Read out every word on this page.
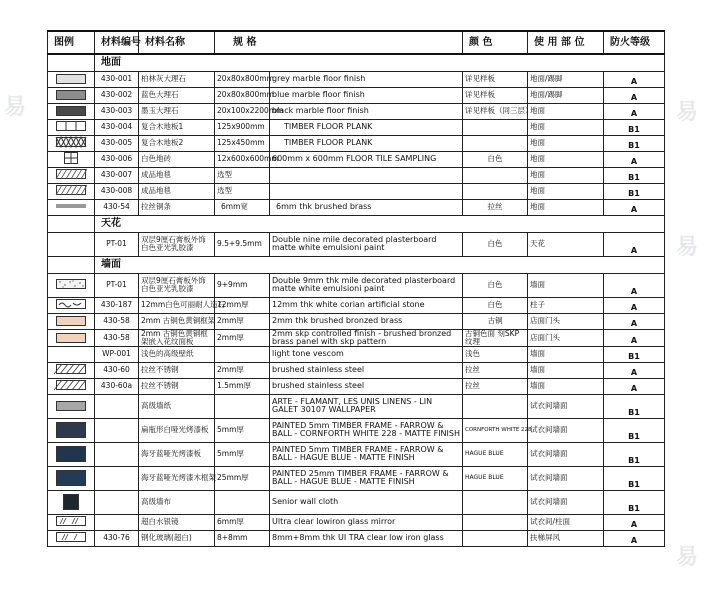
图例	材料编号	材料名称	规 格		颜 色	使 用 部 位	防火等级
	地面						
	430-001	柏林灰大理石	20x80x800mm	grey marble floor finish	详见样板	地面/踢脚	A
	430-002	蓝色大理石	20x80x800mm	blue marble floor finish	详见样板	地面/踢脚	A
	430-003	墨玉大理石	20x100x2200mm	black marble floor finish	详见样板（同三层）	地面	A
	430-004	复合木地板1	125x900mm	TIMBER FLOOR PLANK		地面	B1
	430-005	复合木地板2	125x450mm	TIMBER FLOOR PLANK		地面	B1
	430-006	白色地砖	12x600x600mm	600mm x 600mm FLOOR TILE SAMPLING	白色	地面	A
	430-007	成品地毯	选型			地面	B1
	430-008	成品地毯	选型			地面	B1
	430-54	拉丝铜条	6mm宽	6mm thk brushed brass	拉丝	地面	A
	天花						
	PT-01	双层9厘石膏板外饰白色亚光乳胶漆	9.5+9.5mm	Double nine mile decorated plasterboard matte white emulsioni paint	白色	天花	A
	墙面						
	PT-01	双层9厘石膏板外饰白色亚光乳胶漆	9+9mm	Double 9mm thk mile decorated plasterboard matte white emulsioni paint	白色	墙面	A
	430-187	12mm白色可丽耐人造石	12mm厚	12mm thk white corian artificial stone	白色	柱子	A
	430-58	2mm 古铜色黄铜框架	2mm厚	2mm thk brushed bronzed brass	古铜	店面门头	A
	430-58	2mm 古铜色黄铜框架嵌入花纹面板	2mm厚	2mm skp controlled finish - brushed bronzed brass panel with skp pattern	古铜色面 刻SKP纹理	店面门头	A
	WP-001	浅色的高级壁纸		light tone vescom	浅色	墙面	B1
	430-60	拉丝不锈钢	2mm厚	brushed stainless steel	拉丝	墙面	A
	430-60a	拉丝不锈钢	1.5mm厚	brushed stainless steel	拉丝	墙面	A
		高级墙纸		ARTE - FLAMANT, LES UNIS LINENS - LIN GALET 30107 WALLPAPER		试衣间墙面	B1
		扁瓶形白哑光烤漆板	5mm厚	PAINTED 5mm TIMBER FRAME - FARROW & BALL - CORNFORTH WHITE 228 - MATTE FINISH	CORNFORTH WHITE 228	试衣间墙面	B1
		海牙蓝哑光烤漆板	5mm厚	PAINTED 5mm TIMBER FRAME - FARROW & BALL - HAGUE BLUE - MATTE FINISH	HAGUE BLUE	试衣间墙面	B1
		海牙蓝哑光烤漆木框架	25mm厚	PAINTED 25mm TIMBER FRAME - FARROW & BALL - HAGUE BLUE - MATTE FINISH	HAGUE BLUE	试衣间墙面	B1
		高级墙布		Senior wall cloth		试衣间墙面	B1
		超白水银镜	6mm厚	Ultra clear lowiron glass mirror		试衣间/柱面	A
	430-76	钢化玻璃(超白)	8+8mm	8mm+8mm thk UI TRA clear low iron glass		扶梯屏风	A
易	易
易
易
